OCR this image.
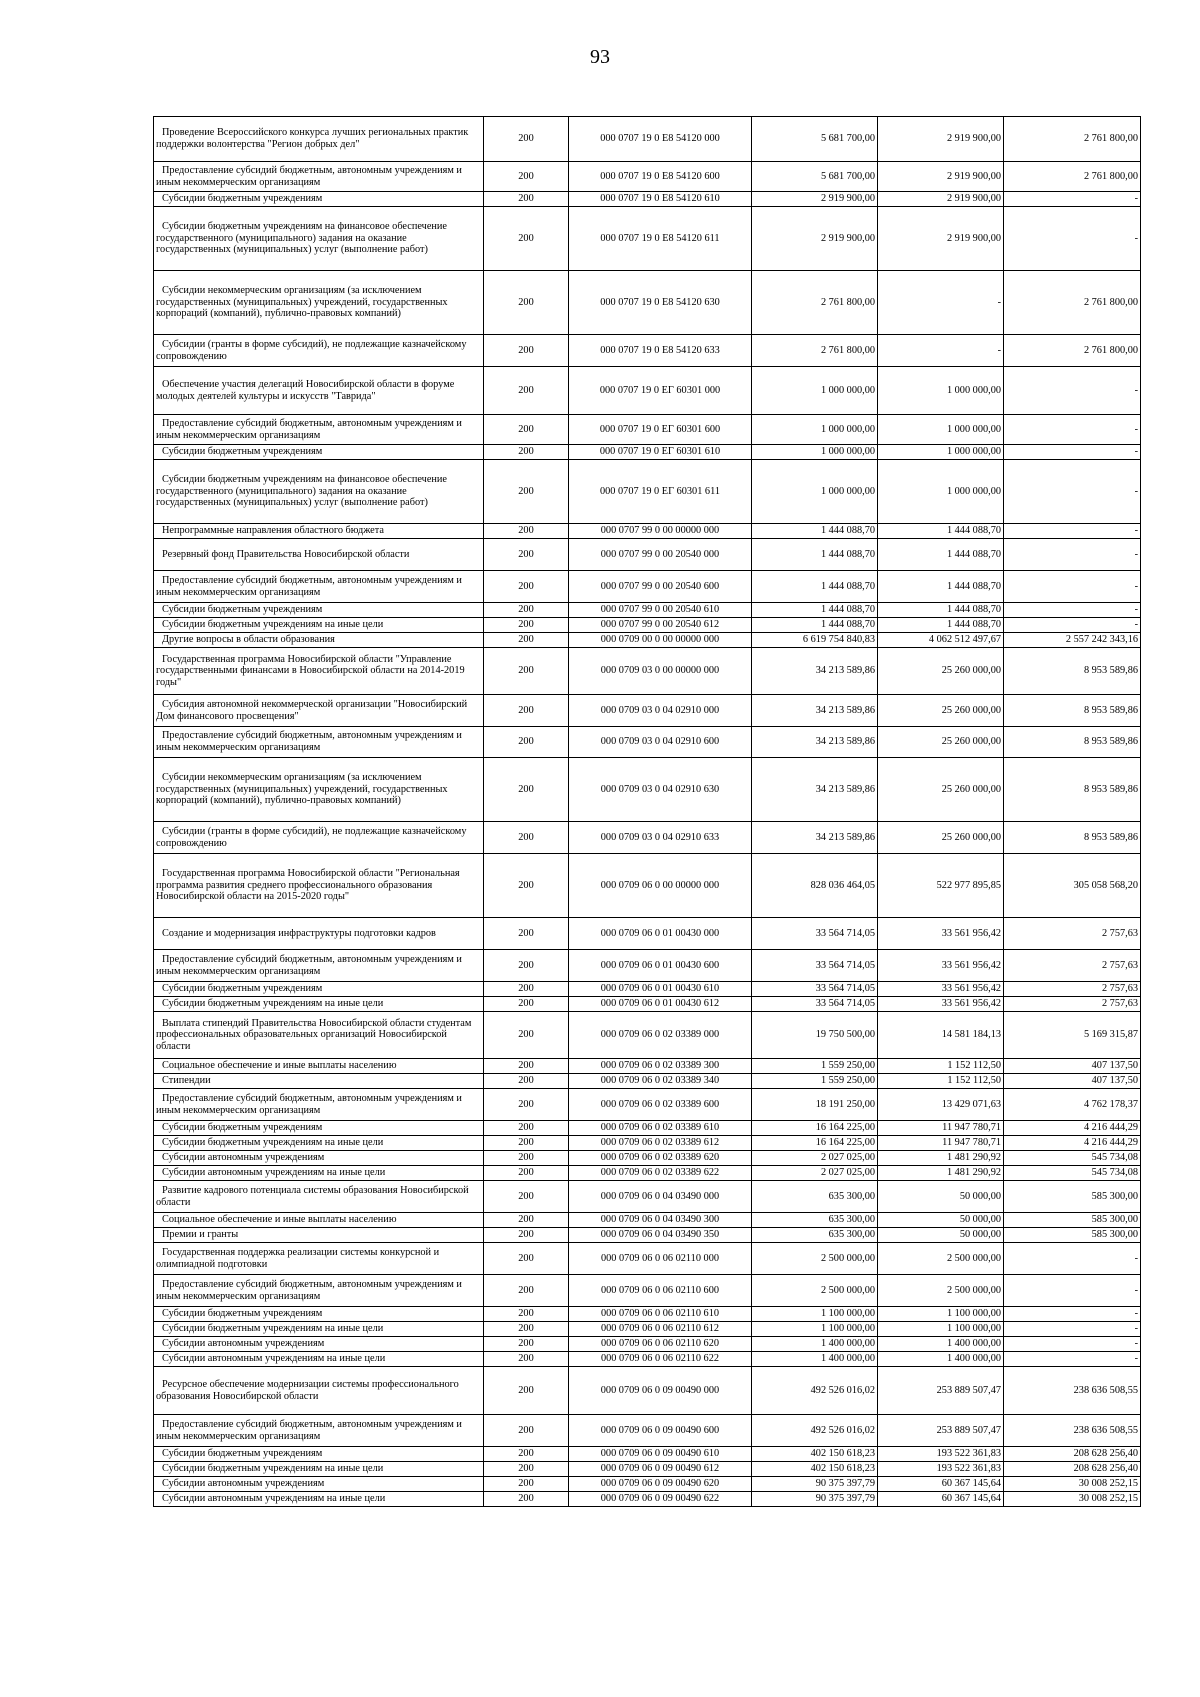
93
Проведение Всероссийского конкурса лучших региональных практик поддержки волонтерства "Регион добрых дел"	200	000 0707 19 0 E8 54120 000	5 681 700,00	2 919 900,00	2 761 800,00
Предоставление субсидий бюджетным, автономным учреждениям и иным некоммерческим организациям	200	000 0707 19 0 E8 54120 600	5 681 700,00	2 919 900,00	2 761 800,00
Субсидии бюджетным учреждениям	200	000 0707 19 0 E8 54120 610	2 919 900,00	2 919 900,00	-
Субсидии бюджетным учреждениям на финансовое обеспечение государственного (муниципального) задания на оказание государственных (муниципальных) услуг (выполнение работ)	200	000 0707 19 0 E8 54120 611	2 919 900,00	2 919 900,00	-
Субсидии некоммерческим организациям (за исключением государственных (муниципальных) учреждений, государственных корпораций (компаний), публично-правовых компаний)	200	000 0707 19 0 E8 54120 630	2 761 800,00	-	2 761 800,00
Субсидии (гранты в форме субсидий), не подлежащие казначейскому сопровождению	200	000 0707 19 0 E8 54120 633	2 761 800,00	-	2 761 800,00
Обеспечение участия делегаций Новосибирской области в форуме молодых деятелей культуры и искусств "Таврида"	200	000 0707 19 0 EГ 60301 000	1 000 000,00	1 000 000,00	-
Предоставление субсидий бюджетным, автономным учреждениям и иным некоммерческим организациям	200	000 0707 19 0 EГ 60301 600	1 000 000,00	1 000 000,00	-
Субсидии бюджетным учреждениям	200	000 0707 19 0 EГ 60301 610	1 000 000,00	1 000 000,00	-
Субсидии бюджетным учреждениям на финансовое обеспечение государственного (муниципального) задания на оказание государственных (муниципальных) услуг (выполнение работ)	200	000 0707 19 0 EГ 60301 611	1 000 000,00	1 000 000,00	-
Непрограммные направления областного бюджета	200	000 0707 99 0 00 00000 000	1 444 088,70	1 444 088,70	-
Резервный фонд Правительства Новосибирской области	200	000 0707 99 0 00 20540 000	1 444 088,70	1 444 088,70	-
Предоставление субсидий бюджетным, автономным учреждениям и иным некоммерческим организациям	200	000 0707 99 0 00 20540 600	1 444 088,70	1 444 088,70	-
Субсидии бюджетным учреждениям	200	000 0707 99 0 00 20540 610	1 444 088,70	1 444 088,70	-
Субсидии бюджетным учреждениям на иные цели	200	000 0707 99 0 00 20540 612	1 444 088,70	1 444 088,70	-
Другие вопросы в области образования	200	000 0709 00 0 00 00000 000	6 619 754 840,83	4 062 512 497,67	2 557 242 343,16
Государственная программа Новосибирской области "Управление государственными финансами в Новосибирской области на 2014-2019 годы"	200	000 0709 03 0 00 00000 000	34 213 589,86	25 260 000,00	8 953 589,86
Субсидия автономной некоммерческой организации "Новосибирский Дом финансового просвещения"	200	000 0709 03 0 04 02910 000	34 213 589,86	25 260 000,00	8 953 589,86
Предоставление субсидий бюджетным, автономным учреждениям и иным некоммерческим организациям	200	000 0709 03 0 04 02910 600	34 213 589,86	25 260 000,00	8 953 589,86
Субсидии некоммерческим организациям (за исключением государственных (муниципальных) учреждений, государственных корпораций (компаний), публично-правовых компаний)	200	000 0709 03 0 04 02910 630	34 213 589,86	25 260 000,00	8 953 589,86
Субсидии (гранты в форме субсидий), не подлежащие казначейскому сопровождению	200	000 0709 03 0 04 02910 633	34 213 589,86	25 260 000,00	8 953 589,86
Государственная программа Новосибирской области "Региональная программа развития среднего профессионального образования Новосибирской области на 2015-2020 годы"	200	000 0709 06 0 00 00000 000	828 036 464,05	522 977 895,85	305 058 568,20
Создание и модернизация инфраструктуры подготовки кадров	200	000 0709 06 0 01 00430 000	33 564 714,05	33 561 956,42	2 757,63
Предоставление субсидий бюджетным, автономным учреждениям и иным некоммерческим организациям	200	000 0709 06 0 01 00430 600	33 564 714,05	33 561 956,42	2 757,63
Субсидии бюджетным учреждениям	200	000 0709 06 0 01 00430 610	33 564 714,05	33 561 956,42	2 757,63
Субсидии бюджетным учреждениям на иные цели	200	000 0709 06 0 01 00430 612	33 564 714,05	33 561 956,42	2 757,63
Выплата стипендий Правительства Новосибирской области студентам профессиональных образовательных организаций Новосибирской области	200	000 0709 06 0 02 03389 000	19 750 500,00	14 581 184,13	5 169 315,87
Социальное обеспечение и иные выплаты населению	200	000 0709 06 0 02 03389 300	1 559 250,00	1 152 112,50	407 137,50
Стипендии	200	000 0709 06 0 02 03389 340	1 559 250,00	1 152 112,50	407 137,50
Предоставление субсидий бюджетным, автономным учреждениям и иным некоммерческим организациям	200	000 0709 06 0 02 03389 600	18 191 250,00	13 429 071,63	4 762 178,37
Субсидии бюджетным учреждениям	200	000 0709 06 0 02 03389 610	16 164 225,00	11 947 780,71	4 216 444,29
Субсидии бюджетным учреждениям на иные цели	200	000 0709 06 0 02 03389 612	16 164 225,00	11 947 780,71	4 216 444,29
Субсидии автономным учреждениям	200	000 0709 06 0 02 03389 620	2 027 025,00	1 481 290,92	545 734,08
Субсидии автономным учреждениям на иные цели	200	000 0709 06 0 02 03389 622	2 027 025,00	1 481 290,92	545 734,08
Развитие кадрового потенциала системы образования Новосибирской области	200	000 0709 06 0 04 03490 000	635 300,00	50 000,00	585 300,00
Социальное обеспечение и иные выплаты населению	200	000 0709 06 0 04 03490 300	635 300,00	50 000,00	585 300,00
Премии и гранты	200	000 0709 06 0 04 03490 350	635 300,00	50 000,00	585 300,00
Государственная поддержка реализации системы конкурсной и олимпиадной подготовки	200	000 0709 06 0 06 02110 000	2 500 000,00	2 500 000,00	-
Предоставление субсидий бюджетным, автономным учреждениям и иным некоммерческим организациям	200	000 0709 06 0 06 02110 600	2 500 000,00	2 500 000,00	-
Субсидии бюджетным учреждениям	200	000 0709 06 0 06 02110 610	1 100 000,00	1 100 000,00	-
Субсидии бюджетным учреждениям на иные цели	200	000 0709 06 0 06 02110 612	1 100 000,00	1 100 000,00	-
Субсидии автономным учреждениям	200	000 0709 06 0 06 02110 620	1 400 000,00	1 400 000,00	-
Субсидии автономным учреждениям на иные цели	200	000 0709 06 0 06 02110 622	1 400 000,00	1 400 000,00	-
Ресурсное обеспечение модернизации системы профессионального образования Новосибирской области	200	000 0709 06 0 09 00490 000	492 526 016,02	253 889 507,47	238 636 508,55
Предоставление субсидий бюджетным, автономным учреждениям и иным некоммерческим организациям	200	000 0709 06 0 09 00490 600	492 526 016,02	253 889 507,47	238 636 508,55
Субсидии бюджетным учреждениям	200	000 0709 06 0 09 00490 610	402 150 618,23	193 522 361,83	208 628 256,40
Субсидии бюджетным учреждениям на иные цели	200	000 0709 06 0 09 00490 612	402 150 618,23	193 522 361,83	208 628 256,40
Субсидии автономным учреждениям	200	000 0709 06 0 09 00490 620	90 375 397,79	60 367 145,64	30 008 252,15
Субсидии автономным учреждениям на иные цели	200	000 0709 06 0 09 00490 622	90 375 397,79	60 367 145,64	30 008 252,15
